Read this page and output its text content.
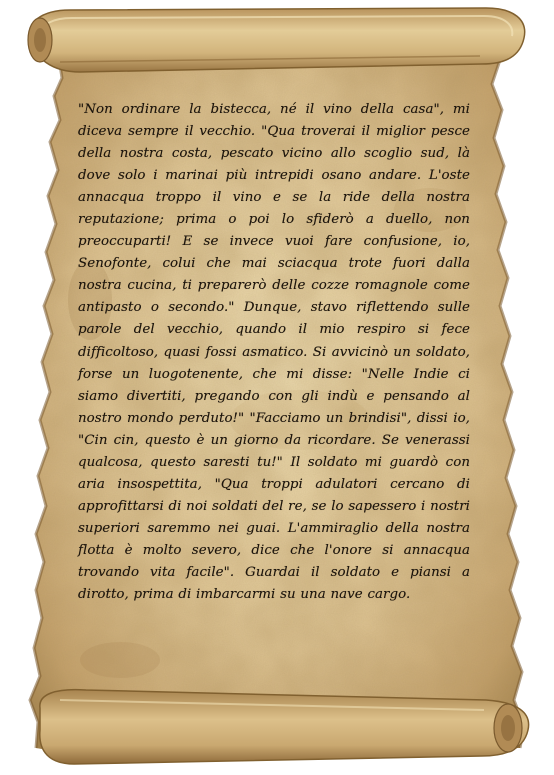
"Non ordinare la bistecca, né il vino della casa", mi diceva sempre il vecchio. "Qua troverai il miglior pesce della nostra costa, pescato vicino allo scoglio sud, là dove solo i marinai più intrepidi osano andare. L'oste annacqua troppo il vino e se la ride della nostra reputazione; prima o poi lo sfiderò a duello, non preoccuparti! E se invece vuoi fare confusione, io, Senofonte, colui che mai sciacqua trote fuori dalla nostra cucina, ti preparerò delle cozze romagnole come antipasto o secondo." Dunque, stavo riflettendo sulle parole del vecchio, quando il mio respiro si fece difficoltoso, quasi fossi asmatico. Si avvicinò un soldato, forse un luogotenente, che mi disse: "Nelle Indie ci siamo divertiti, pregando con gli indù e pensando al nostro mondo perduto!" "Facciamo un brindisi", dissi io, "Cin cin, questo è un giorno da ricordare. Se venerassi qualcosa, questo saresti tu!" Il soldato mi guardò con aria insospettita, "Qua troppi adulatori cercano di approfittarsi di noi soldati del re, se lo sapessero i nostri superiori saremmo nei guai. L'ammiraglio della nostra flotta è molto severo, dice che l'onore si annacqua trovando vita facile". Guardai il soldato e piansi a dirotto, prima di imbarcarmi su una nave cargo.
